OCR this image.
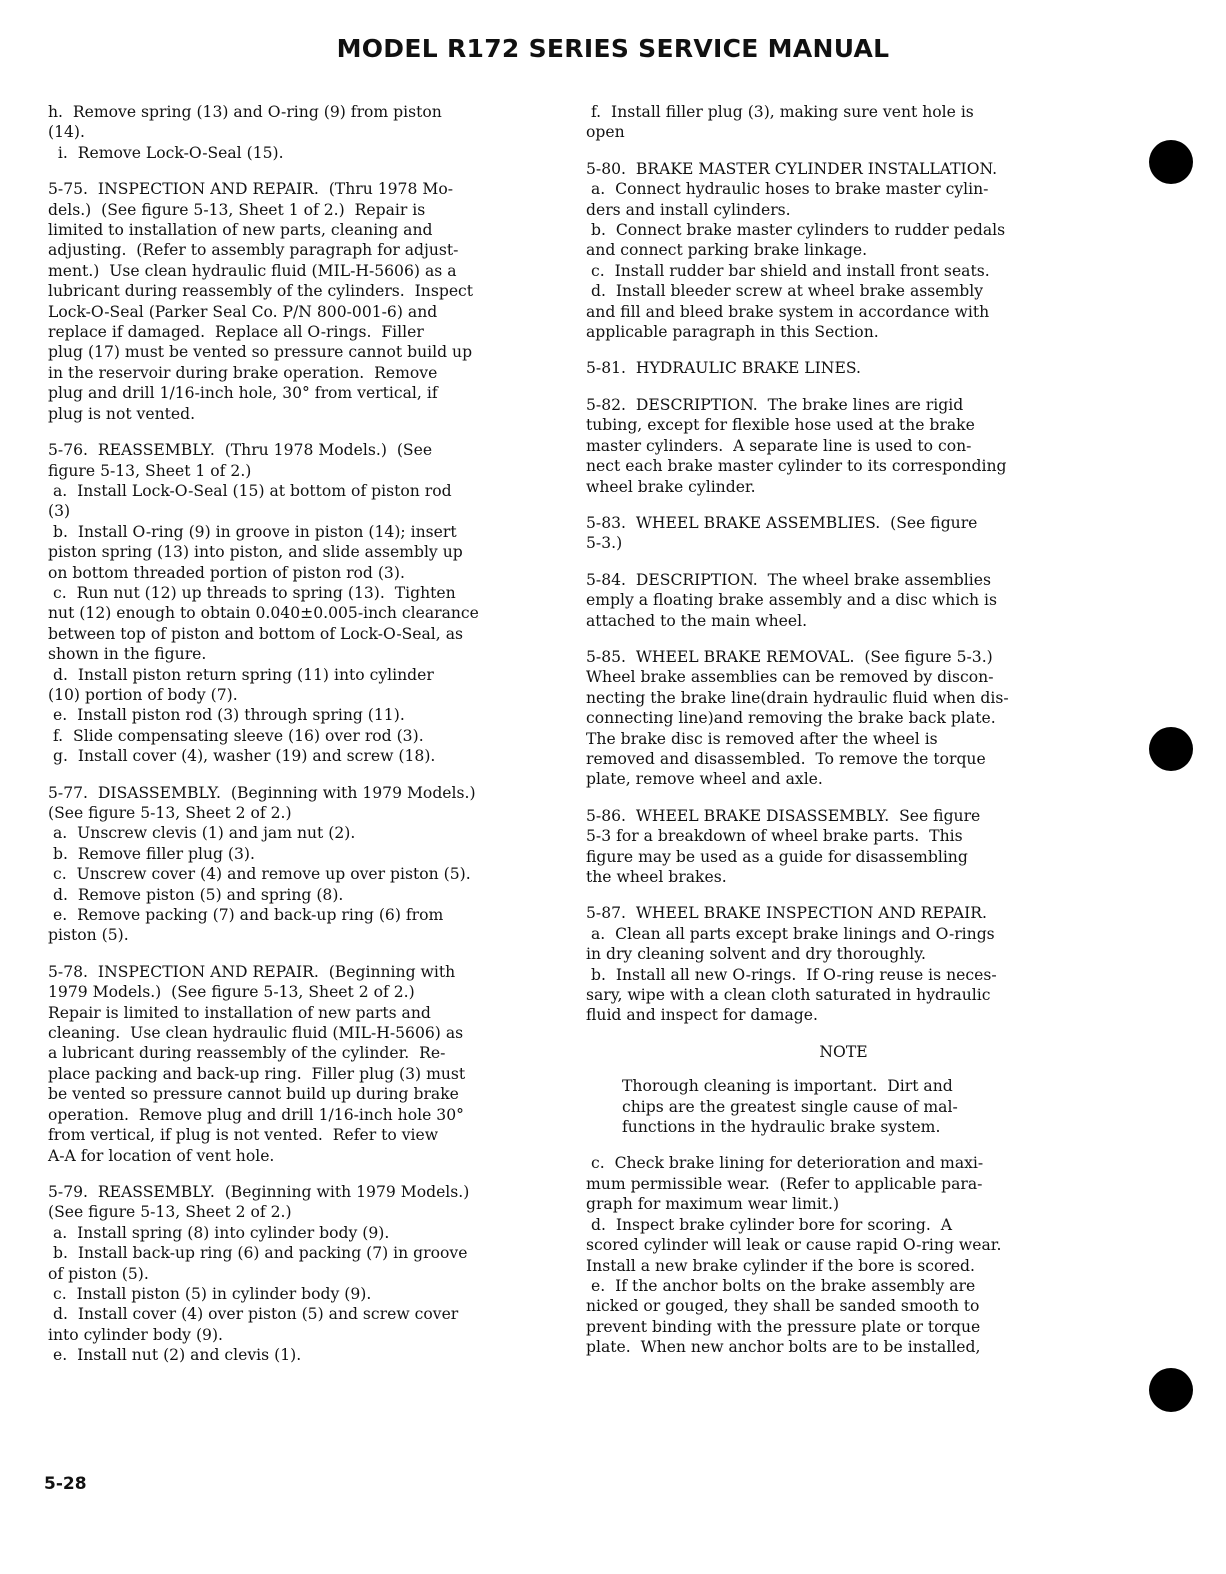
MODEL R172 SERIES SERVICE MANUAL
h.  Remove spring (13) and O-ring (9) from piston
(14).
i.  Remove Lock-O-Seal (15).
5-75.  INSPECTION AND REPAIR.  (Thru 1978 Mo-
dels.)  (See figure 5-13, Sheet 1 of 2.)  Repair is
limited to installation of new parts, cleaning and
adjusting.  (Refer to assembly paragraph for adjust-
ment.)  Use clean hydraulic fluid (MIL-H-5606) as a
lubricant during reassembly of the cylinders.  Inspect
Lock-O-Seal (Parker Seal Co. P/N 800-001-6) and
replace if damaged.  Replace all O-rings.  Filler
plug (17) must be vented so pressure cannot build up
in the reservoir during brake operation.  Remove
plug and drill 1/16-inch hole, 30° from vertical, if
plug is not vented.
5-76.  REASSEMBLY.  (Thru 1978 Models.)  (See
figure 5-13, Sheet 1 of 2.)
a.  Install Lock-O-Seal (15) at bottom of piston rod
(3)
b.  Install O-ring (9) in groove in piston (14); insert
piston spring (13) into piston, and slide assembly up
on bottom threaded portion of piston rod (3).
c.  Run nut (12) up threads to spring (13).  Tighten
nut (12) enough to obtain 0.040±0.005-inch clearance
between top of piston and bottom of Lock-O-Seal, as
shown in the figure.
d.  Install piston return spring (11) into cylinder
(10) portion of body (7).
e.  Install piston rod (3) through spring (11).
f.  Slide compensating sleeve (16) over rod (3).
g.  Install cover (4), washer (19) and screw (18).
5-77.  DISASSEMBLY.  (Beginning with 1979 Models.)
(See figure 5-13, Sheet 2 of 2.)
a.  Unscrew clevis (1) and jam nut (2).
b.  Remove filler plug (3).
c.  Unscrew cover (4) and remove up over piston (5).
d.  Remove piston (5) and spring (8).
e.  Remove packing (7) and back-up ring (6) from
piston (5).
5-78.  INSPECTION AND REPAIR.  (Beginning with
1979 Models.)  (See figure 5-13, Sheet 2 of 2.)
Repair is limited to installation of new parts and
cleaning.  Use clean hydraulic fluid (MIL-H-5606) as
a lubricant during reassembly of the cylinder.  Re-
place packing and back-up ring.  Filler plug (3) must
be vented so pressure cannot build up during brake
operation.  Remove plug and drill 1/16-inch hole 30°
from vertical, if plug is not vented.  Refer to view
A-A for location of vent hole.
5-79.  REASSEMBLY.  (Beginning with 1979 Models.)
(See figure 5-13, Sheet 2 of 2.)
a.  Install spring (8) into cylinder body (9).
b.  Install back-up ring (6) and packing (7) in groove
of piston (5).
c.  Install piston (5) in cylinder body (9).
d.  Install cover (4) over piston (5) and screw cover
into cylinder body (9).
e.  Install nut (2) and clevis (1).
f.  Install filler plug (3), making sure vent hole is
open
5-80.  BRAKE MASTER CYLINDER INSTALLATION.
a.  Connect hydraulic hoses to brake master cylin-
ders and install cylinders.
b.  Connect brake master cylinders to rudder pedals
and connect parking brake linkage.
c.  Install rudder bar shield and install front seats.
d.  Install bleeder screw at wheel brake assembly
and fill and bleed brake system in accordance with
applicable paragraph in this Section.
5-81.  HYDRAULIC BRAKE LINES.
5-82.  DESCRIPTION.  The brake lines are rigid
tubing, except for flexible hose used at the brake
master cylinders.  A separate line is used to con-
nect each brake master cylinder to its corresponding
wheel brake cylinder.
5-83.  WHEEL BRAKE ASSEMBLIES.  (See figure
5-3.)
5-84.  DESCRIPTION.  The wheel brake assemblies
emply a floating brake assembly and a disc which is
attached to the main wheel.
5-85.  WHEEL BRAKE REMOVAL.  (See figure 5-3.)
Wheel brake assemblies can be removed by discon-
necting the brake line(drain hydraulic fluid when dis-
connecting line)and removing the brake back plate.
The brake disc is removed after the wheel is
removed and disassembled.  To remove the torque
plate, remove wheel and axle.
5-86.  WHEEL BRAKE DISASSEMBLY.  See figure
5-3 for a breakdown of wheel brake parts.  This
figure may be used as a guide for disassembling
the wheel brakes.
5-87.  WHEEL BRAKE INSPECTION AND REPAIR.
a.  Clean all parts except brake linings and O-rings
in dry cleaning solvent and dry thoroughly.
b.  Install all new O-rings.  If O-ring reuse is neces-
sary, wipe with a clean cloth saturated in hydraulic
fluid and inspect for damage.
NOTE
Thorough cleaning is important.  Dirt and
chips are the greatest single cause of mal-
functions in the hydraulic brake system.
c.  Check brake lining for deterioration and maxi-
mum permissible wear.  (Refer to applicable para-
graph for maximum wear limit.)
d.  Inspect brake cylinder bore for scoring.  A
scored cylinder will leak or cause rapid O-ring wear.
Install a new brake cylinder if the bore is scored.
e.  If the anchor bolts on the brake assembly are
nicked or gouged, they shall be sanded smooth to
prevent binding with the pressure plate or torque
plate.  When new anchor bolts are to be installed,
5-28
